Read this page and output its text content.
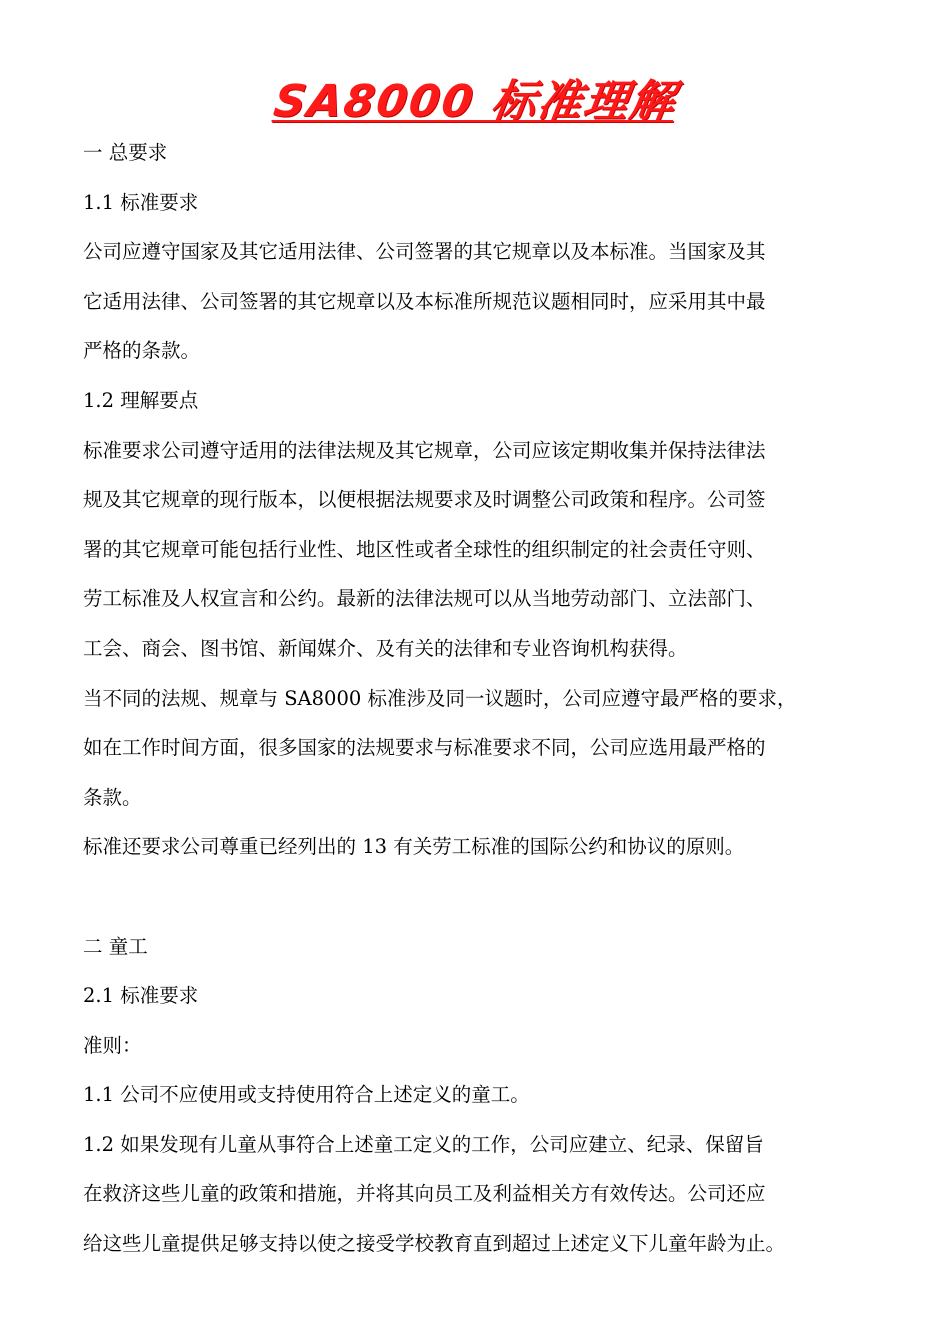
SA8000 标准理解
一 总要求
1.1 标准要求
公司应遵守国家及其它适用法律、公司签署的其它规章以及本标准。当国家及其
它适用法律、公司签署的其它规章以及本标准所规范议题相同时，应采用其中最
严格的条款。
1.2 理解要点
标准要求公司遵守适用的法律法规及其它规章，公司应该定期收集并保持法律法
规及其它规章的现行版本，以便根据法规要求及时调整公司政策和程序。公司签
署的其它规章可能包括行业性、地区性或者全球性的组织制定的社会责任守则、
劳工标准及人权宣言和公约。最新的法律法规可以从当地劳动部门、立法部门、
工会、商会、图书馆、新闻媒介、及有关的法律和专业咨询机构获得。
当不同的法规、规章与 SA8000 标准涉及同一议题时，公司应遵守最严格的要求，
如在工作时间方面，很多国家的法规要求与标准要求不同，公司应选用最严格的
条款。
标准还要求公司尊重已经列出的 13 有关劳工标准的国际公约和协议的原则。
二 童工
2.1 标准要求
准则：
1.1 公司不应使用或支持使用符合上述定义的童工。
1.2 如果发现有儿童从事符合上述童工定义的工作，公司应建立、纪录、保留旨
在救济这些儿童的政策和措施，并将其向员工及利益相关方有效传达。公司还应
给这些儿童提供足够支持以使之接受学校教育直到超过上述定义下儿童年龄为止。
